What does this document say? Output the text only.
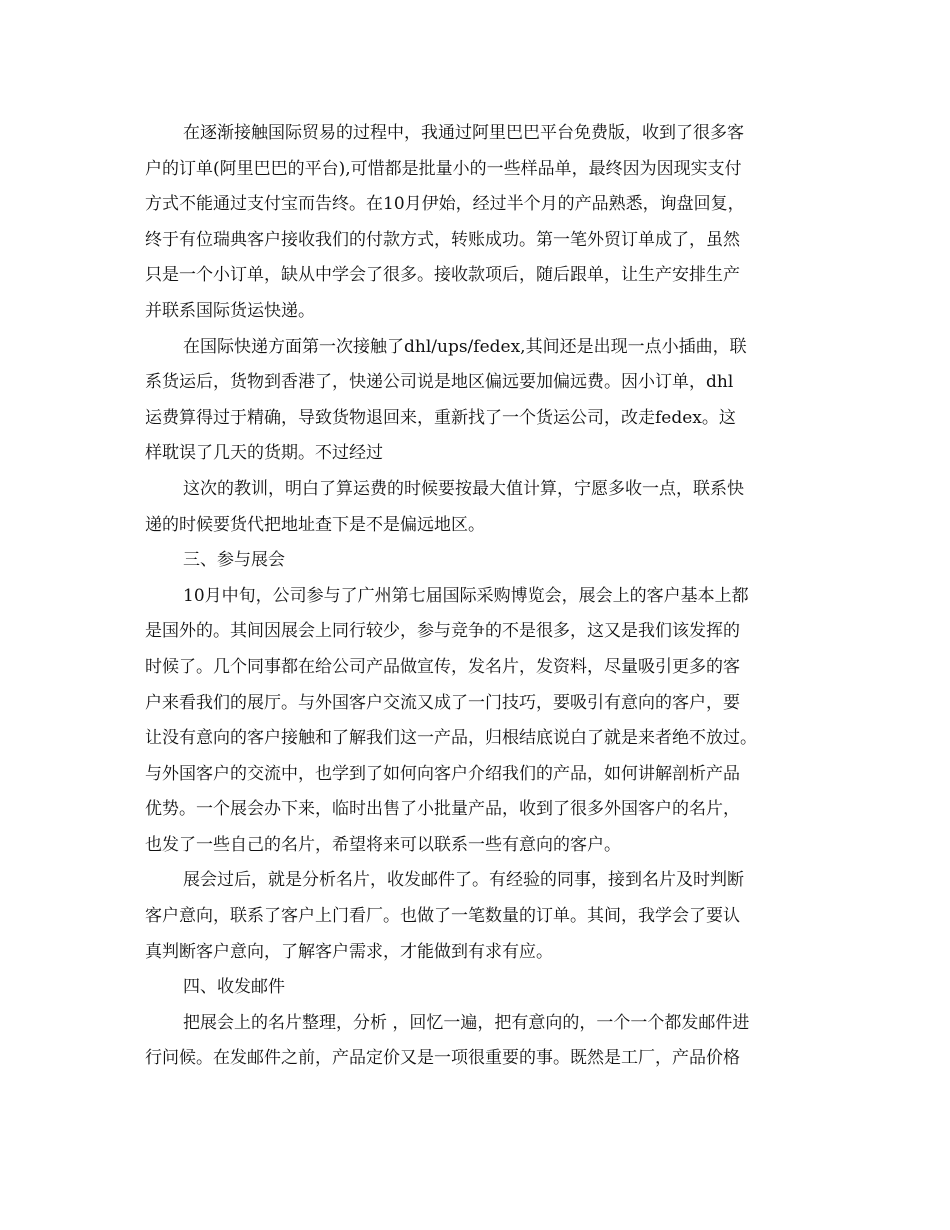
在逐渐接触国际贸易的过程中，我通过阿里巴巴平台免费版，收到了很多客
户的订单(阿里巴巴的平台),可惜都是批量小的一些样品单，最终因为因现实支付
方式不能通过支付宝而告终。在10月伊始，经过半个月的产品熟悉，询盘回复，
终于有位瑞典客户接收我们的付款方式，转账成功。第一笔外贸订单成了，虽然
只是一个小订单，缺从中学会了很多。接收款项后，随后跟单，让生产安排生产
并联系国际货运快递。
在国际快递方面第一次接触了dhl/ups/fedex,其间还是出现一点小插曲，联
系货运后，货物到香港了，快递公司说是地区偏远要加偏远费。因小订单，dhl
运费算得过于精确，导致货物退回来，重新找了一个货运公司，改走fedex。这
样耽误了几天的货期。不过经过
这次的教训，明白了算运费的时候要按最大值计算，宁愿多收一点，联系快
递的时候要货代把地址查下是不是偏远地区。
三、参与展会
10月中旬，公司参与了广州第七届国际采购博览会，展会上的客户基本上都
是国外的。其间因展会上同行较少，参与竞争的不是很多，这又是我们该发挥的
时候了。几个同事都在给公司产品做宣传，发名片，发资料，尽量吸引更多的客
户来看我们的展厅。与外国客户交流又成了一门技巧，要吸引有意向的客户，要
让没有意向的客户接触和了解我们这一产品，归根结底说白了就是来者绝不放过。
与外国客户的交流中，也学到了如何向客户介绍我们的产品，如何讲解剖析产品
优势。一个展会办下来，临时出售了小批量产品，收到了很多外国客户的名片，
也发了一些自己的名片，希望将来可以联系一些有意向的客户。
展会过后，就是分析名片，收发邮件了。有经验的同事，接到名片及时判断
客户意向，联系了客户上门看厂。也做了一笔数量的订单。其间，我学会了要认
真判断客户意向，了解客户需求，才能做到有求有应。
四、收发邮件
把展会上的名片整理，分析 ，回忆一遍，把有意向的，一个一个都发邮件进
行问候。在发邮件之前，产品定价又是一项很重要的事。既然是工厂，产品价格
